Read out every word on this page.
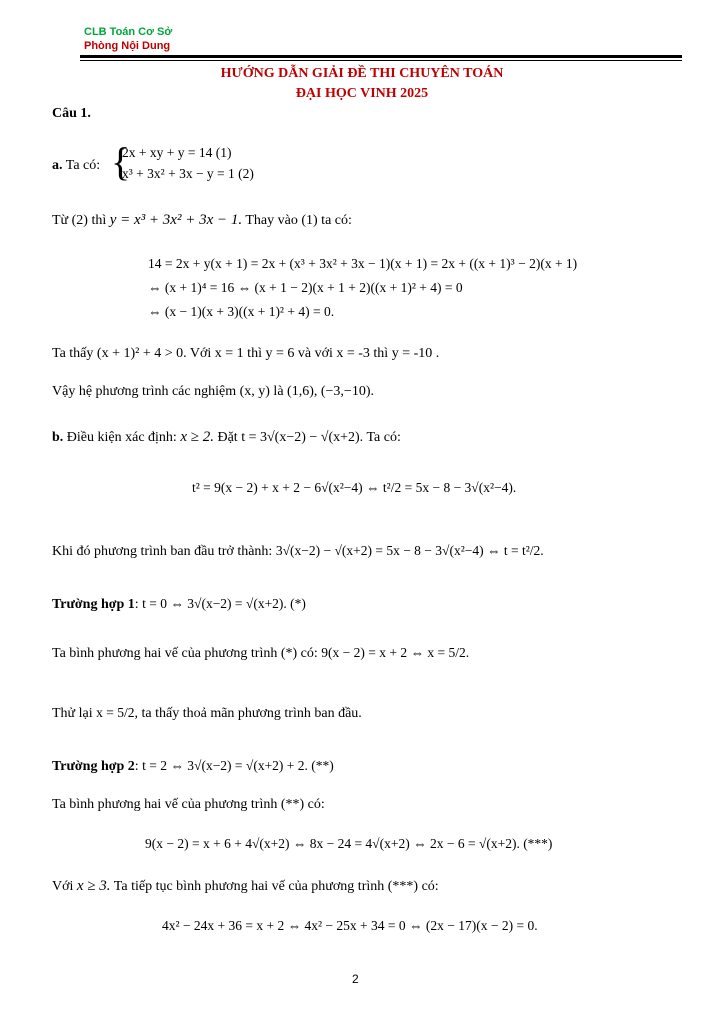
CLB Toán Cơ Sở
Phòng Nội Dung
HƯỚNG DẪN GIẢI ĐỀ THI CHUYÊN TOÁN
ĐẠI HỌC VINH 2025
Câu 1.
a. Ta có: {
2x + xy + y = 14 (1)
x³ + 3x² + 3x − y = 1 (2)
Từ (2) thì y = x³ + 3x² + 3x − 1. Thay vào (1) ta có:
14 = 2x + y(x + 1) = 2x + (x³ + 3x² + 3x − 1)(x + 1) = 2x + ((x + 1)³ − 2)(x + 1)
⇔ (x + 1)⁴ = 16 ⇔ (x + 1 − 2)(x + 1 + 2)((x + 1)² + 4) = 0
⇔ (x − 1)(x + 3)((x + 1)² + 4) = 0.
Ta thấy (x + 1)² + 4 > 0. Với x = 1 thì y = 6 và với x = -3 thì y = -10 .
Vậy hệ phương trình các nghiệm (x, y) là (1,6), (−3,−10).
b. Điều kiện xác định: x ≥ 2. Đặt t = 3√(x−2) − √(x+2). Ta có:
t² = 9(x − 2) + x + 2 − 6√(x²−4) ⇔ t²/2 = 5x − 8 − 3√(x²−4).
Khi đó phương trình ban đầu trở thành: 3√(x−2) − √(x+2) = 5x − 8 − 3√(x²−4) ⇔ t = t²/2.
Trường hợp 1: t = 0 ⇔ 3√(x−2) = √(x+2). (*)
Ta bình phương hai vế của phương trình (*) có: 9(x − 2) = x + 2 ⇔ x = 5/2.
Thử lại x = 5/2, ta thấy thoả mãn phương trình ban đầu.
Trường hợp 2: t = 2 ⇔ 3√(x−2) = √(x+2) + 2. (**)
Ta bình phương hai vế của phương trình (**) có:
9(x − 2) = x + 6 + 4√(x+2) ⇔ 8x − 24 = 4√(x+2) ⇔ 2x − 6 = √(x+2). (***)
Với x ≥ 3. Ta tiếp tục bình phương hai vế của phương trình (***) có:
4x² − 24x + 36 = x + 2 ⇔ 4x² − 25x + 34 = 0 ⇔ (2x − 17)(x − 2) = 0.
2
